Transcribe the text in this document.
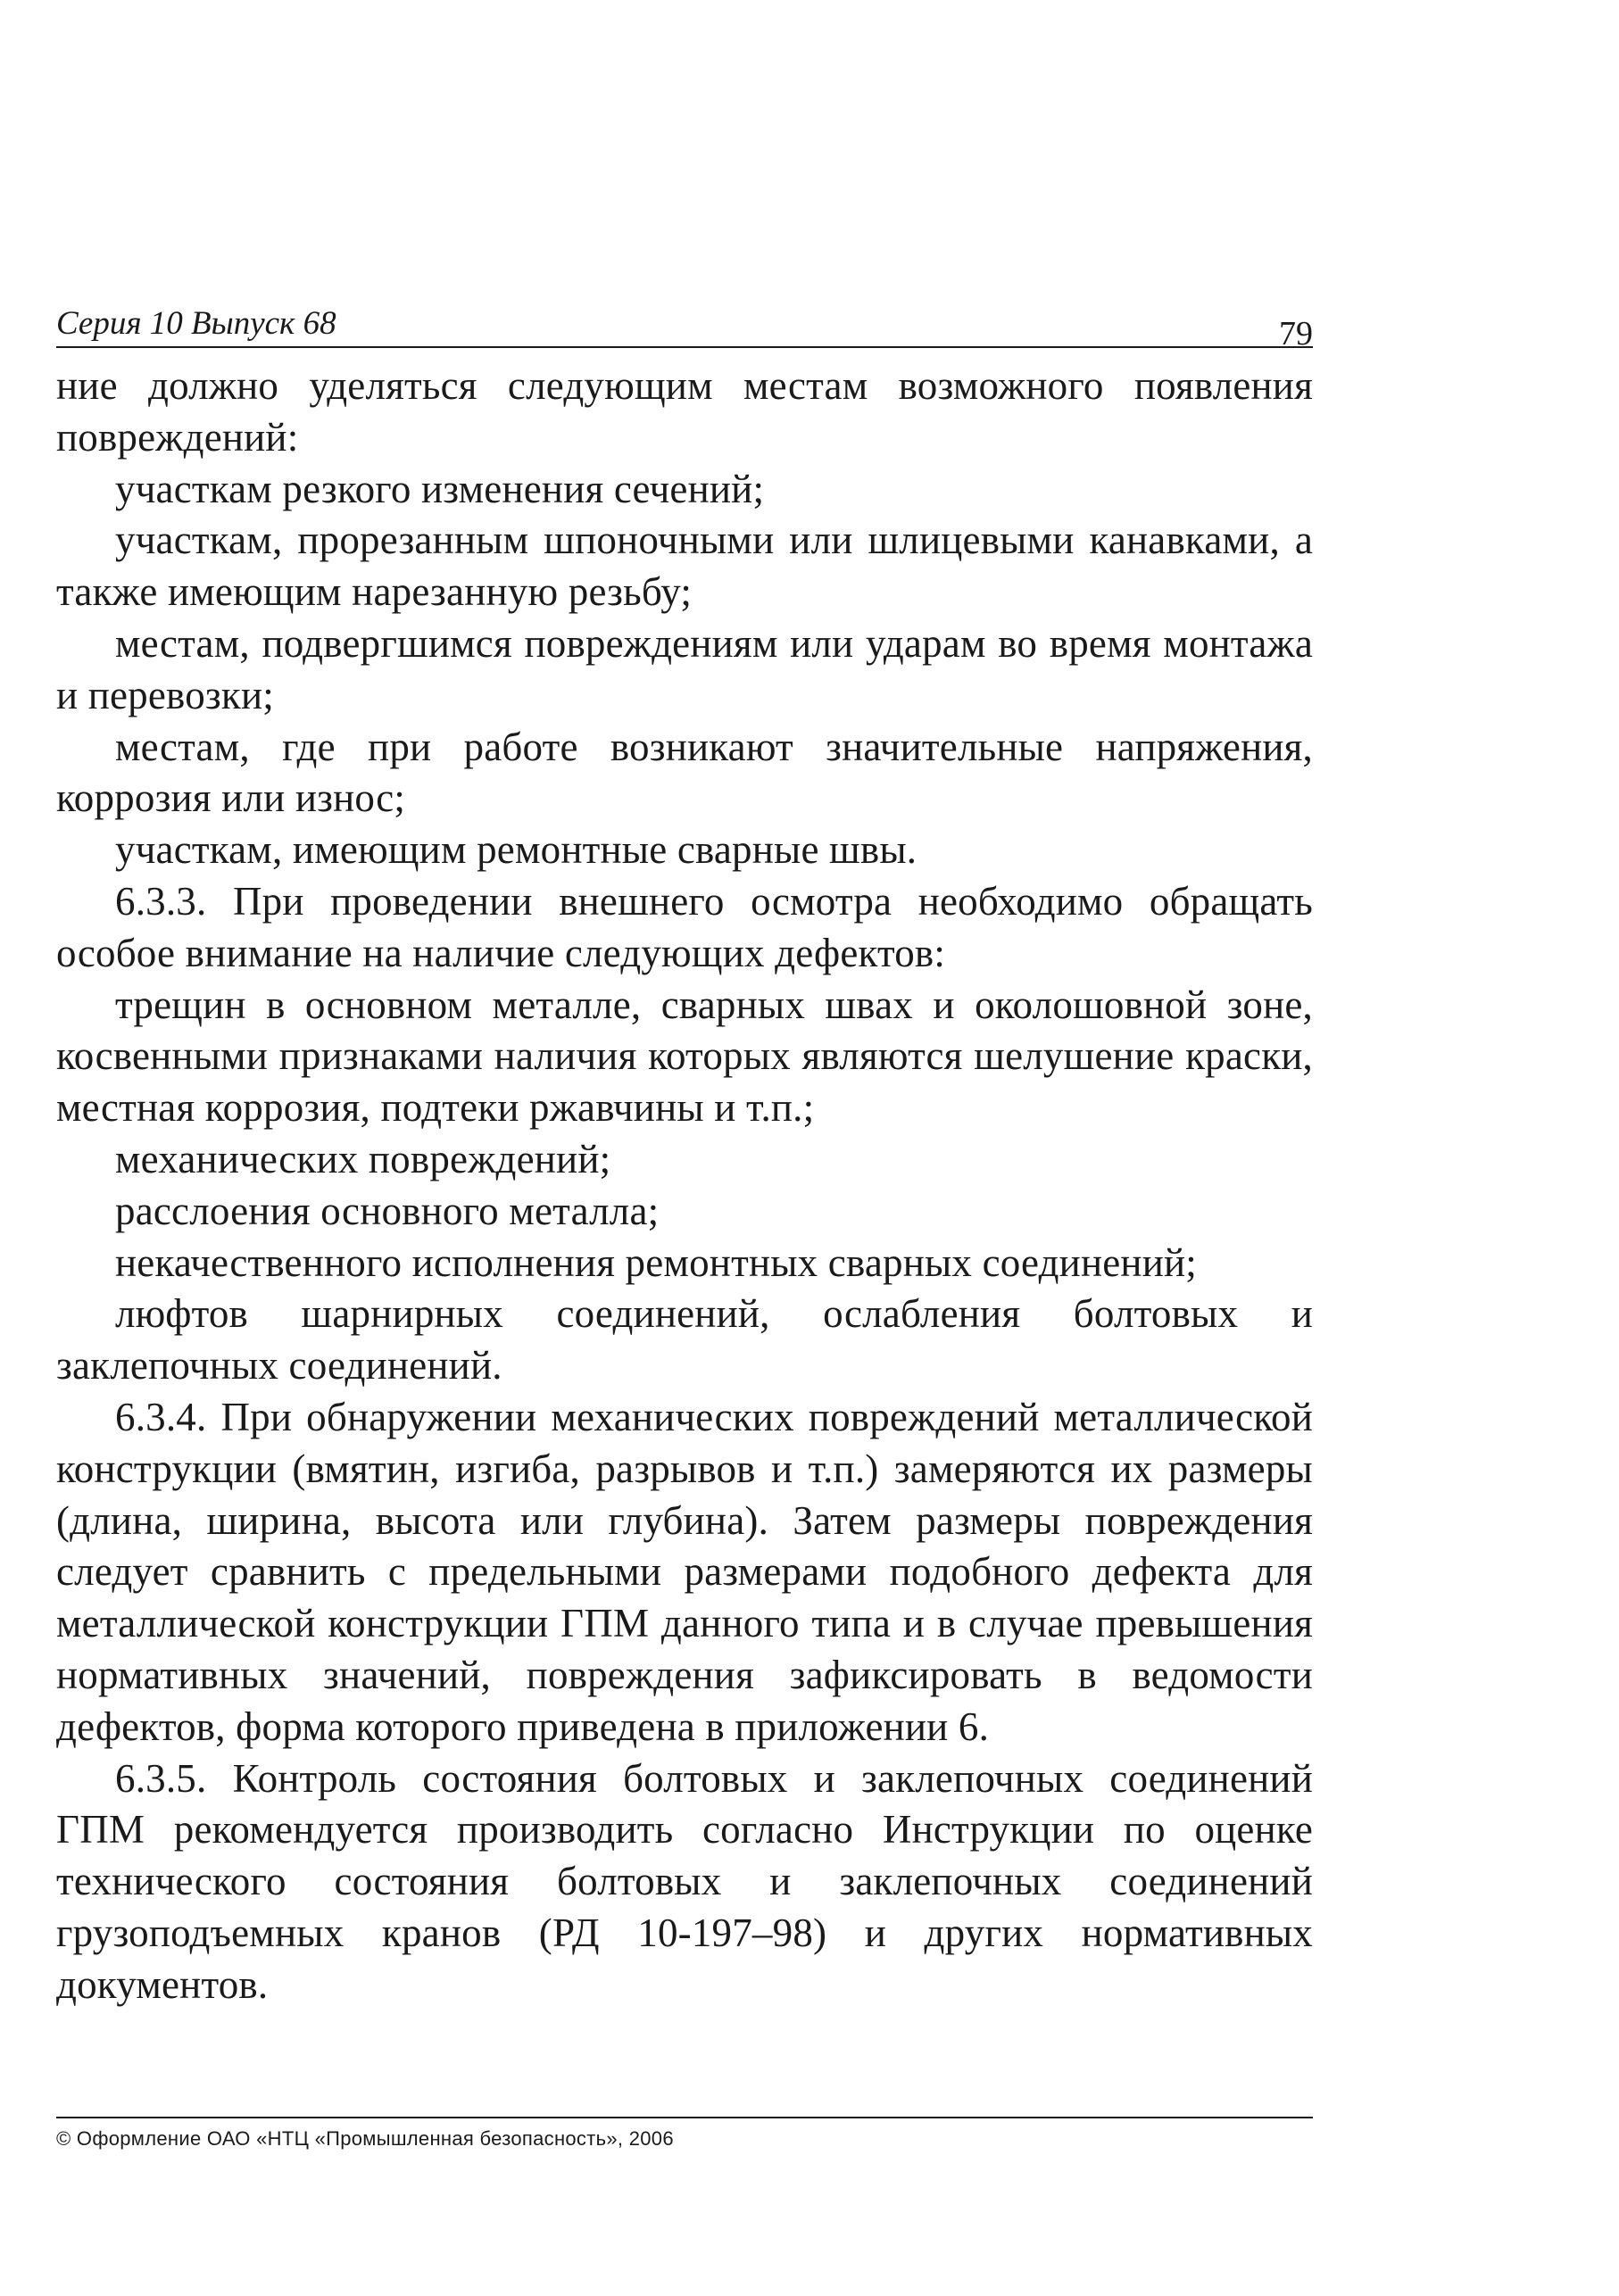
Серия 10 Выпуск 68	79

ние должно уделяться следующим местам возможного появления повреждений:

участкам резкого изменения сечений;

участкам, прорезанным шпоночными или шлицевыми канавками, а также имеющим нарезанную резьбу;

местам, подвергшимся повреждениям или ударам во время монтажа и перевозки;

местам, где при работе возникают значительные напряжения, коррозия или износ;

участкам, имеющим ремонтные сварные швы.

6.3.3. При проведении внешнего осмотра необходимо обращать особое внимание на наличие следующих дефектов:

трещин в основном металле, сварных швах и околошовной зоне, косвенными признаками наличия которых являются шелушение краски, местная коррозия, подтеки ржавчины и т.п.;

механических повреждений;

расслоения основного металла;

некачественного исполнения ремонтных сварных соединений;

люфтов шарнирных соединений, ослабления болтовых и заклепочных соединений.

6.3.4. При обнаружении механических повреждений металлической конструкции (вмятин, изгиба, разрывов и т.п.) замеряются их размеры (длина, ширина, высота или глубина). Затем размеры повреждения следует сравнить с предельными размерами подобного дефекта для металлической конструкции ГПМ данного типа и в случае превышения нормативных значений, повреждения зафиксировать в ведомости дефектов, форма которого приведена в приложении 6.

6.3.5. Контроль состояния болтовых и заклепочных соединений ГПМ рекомендуется производить согласно Инструкции по оценке технического состояния болтовых и заклепочных соединений грузоподъемных кранов (РД 10-197–98) и других нормативных документов.

© Оформление ОАО «НТЦ «Промышленная безопасность», 2006
